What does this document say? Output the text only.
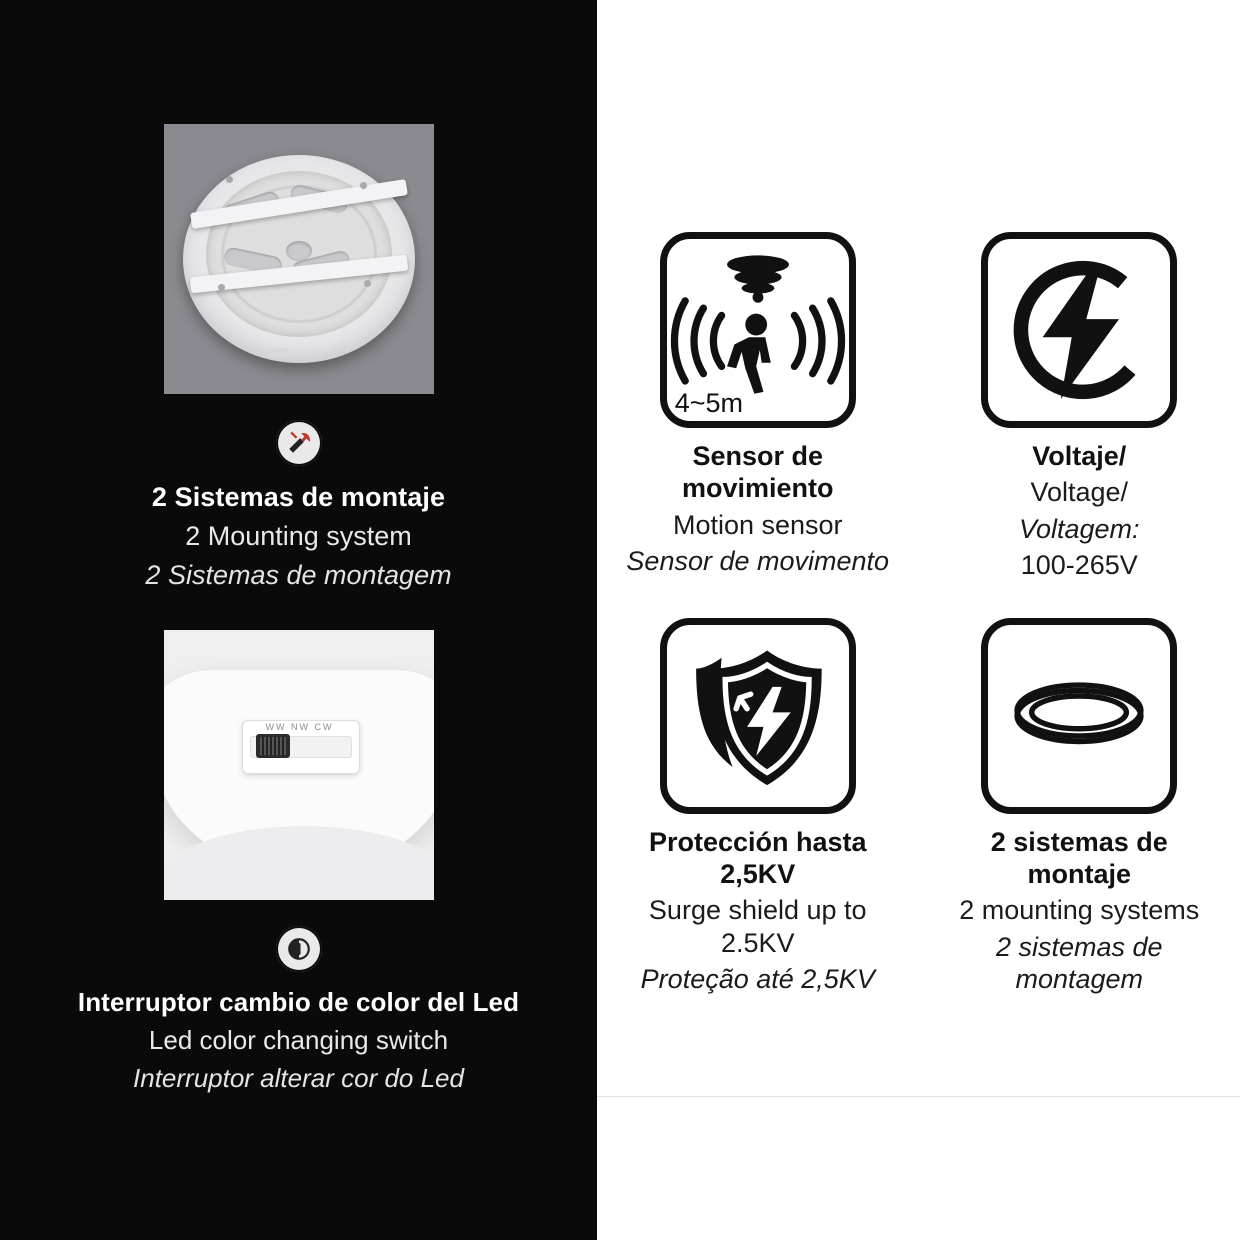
2 Sistemas de montaje
2 Mounting system
2 Sistemas de montagem
WW NW CW
Interruptor cambio de color del Led
Led color changing switch
Interruptor alterar cor do Led
4~5m
Sensor de movimiento
Motion sensor
Sensor de movimento
Voltaje/
Voltage/
Voltagem:
100-265V
Protección hasta 2,5KV
Surge shield up to 2.5KV
Proteção até 2,5KV
2 sistemas de montaje
2 mounting systems
2 sistemas de montagem
